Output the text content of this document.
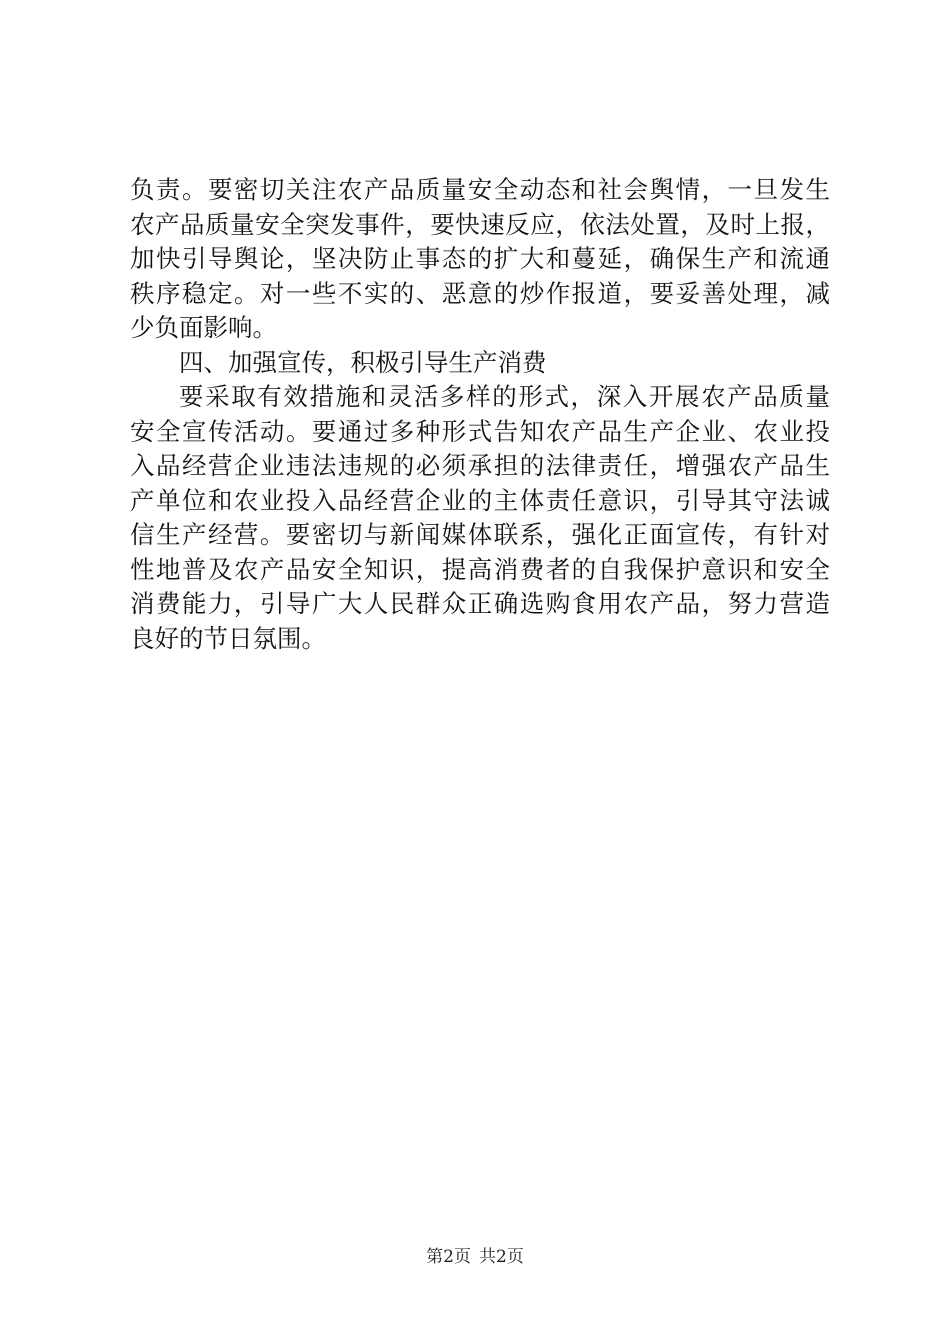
负责。要密切关注农产品质量安全动态和社会舆情，一旦发生
农产品质量安全突发事件，要快速反应，依法处置，及时上报，
加快引导舆论，坚决防止事态的扩大和蔓延，确保生产和流通
秩序稳定。对一些不实的、恶意的炒作报道，要妥善处理，减
少负面影响。
四、加强宣传，积极引导生产消费
要采取有效措施和灵活多样的形式，深入开展农产品质量
安全宣传活动。要通过多种形式告知农产品生产企业、农业投
入品经营企业违法违规的必须承担的法律责任，增强农产品生
产单位和农业投入品经营企业的主体责任意识，引导其守法诚
信生产经营。要密切与新闻媒体联系，强化正面宣传，有针对
性地普及农产品安全知识，提高消费者的自我保护意识和安全
消费能力，引导广大人民群众正确选购食用农产品，努力营造
良好的节日氛围。
第2页 共2页
